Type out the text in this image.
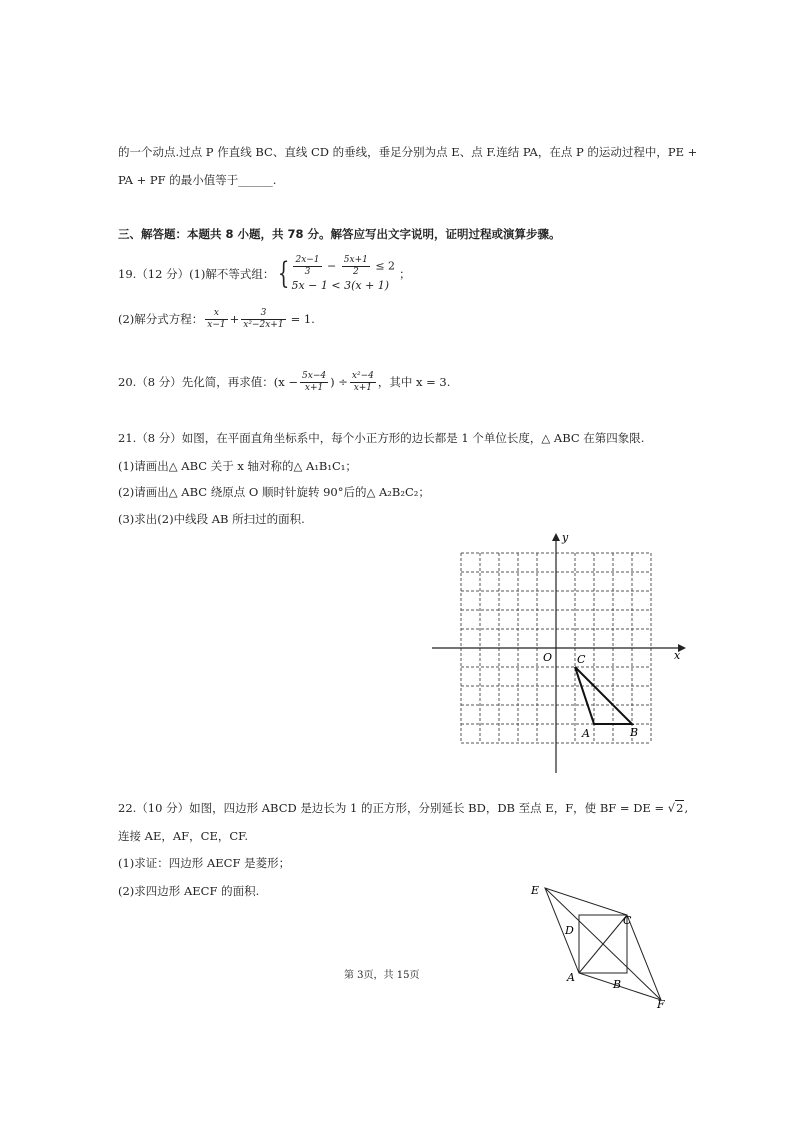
的一个动点.过点 P 作直线 BC、直线 CD 的垂线，垂足分别为点 E、点 F.连结 PA，在点 P 的运动过程中，PE +
PA + PF 的最小值等于______.
三、解答题：本题共 8 小题，共 78 分。解答应写出文字说明，证明过程或演算步骤。
19.（12 分）(1)解不等式组： { $\frac{2x-1}{3} - \frac{5x+1}{2} \le 2$
5x − 1 < 3(x + 1)
；
(2)解分式方程： $\frac{x}{x-1} + \frac{3}{\text{x²−2x+1}} = 1$.
20.（8 分）先化简，再求值：($x - \frac{5x-4}{x+1}$ ) ÷ $\frac{\text{x²−4}}{x+1}$ ，其中 x = 3.
21.（8 分）如图，在平面直角坐标系中，每个小正方形的边长都是 1 个单位长度，△ ABC 在第四象限.
(1)请画出△ ABC 关于 x 轴对称的△ A₁B₁C₁；
(2)请画出△ ABC 绕原点 O 顺时针旋转 90°后的△ A₂B₂C₂；
(3)求出(2)中线段 AB 所扫过的面积.
y
x
O
A	B
C
22.（10 分）如图，四边形 ABCD 是边长为 1 的正方形，分别延长 BD，DB 至点 E，F，使 BF = DE = √2,
连接 AE，AF，CE，CF.
(1)求证：四边形 AECF 是菱形；
(2)求四边形 AECF 的面积.	E
C
D
A
B
F
第 3页，共 15页
